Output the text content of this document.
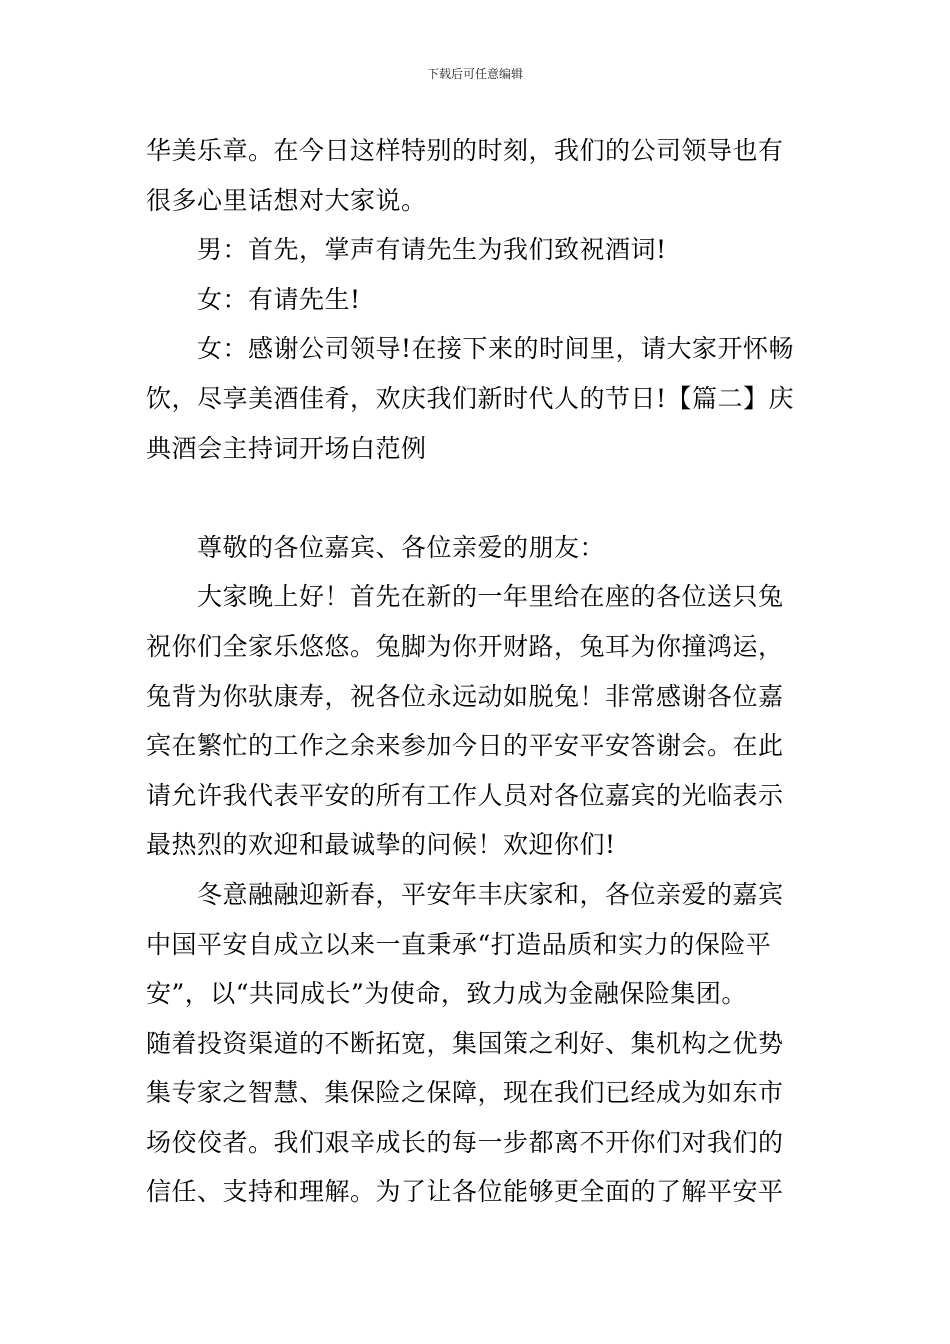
下载后可任意编辑

华美乐章。在今日这样特别的时刻，我们的公司领导也有
很多心里话想对大家说。

　　男：首先，掌声有请先生为我们致祝酒词!

　　女：有请先生!

　　女：感谢公司领导!在接下来的时间里，请大家开怀畅
饮，尽享美酒佳肴，欢庆我们新时代人的节日!【篇二】庆
典酒会主持词开场白范例

　　尊敬的各位嘉宾、各位亲爱的朋友：

　　大家晚上好！首先在新的一年里给在座的各位送只兔
祝你们全家乐悠悠。兔脚为你开财路，兔耳为你撞鸿运，
兔背为你驮康寿，祝各位永远动如脱兔！非常感谢各位嘉
宾在繁忙的工作之余来参加今日的平安平安答谢会。在此
请允许我代表平安的所有工作人员对各位嘉宾的光临表示
最热烈的欢迎和最诚挚的问候！欢迎你们!

　　冬意融融迎新春，平安年丰庆家和，各位亲爱的嘉宾
中国平安自成立以来一直秉承“打造品质和实力的保险平
安”，以“共同成长”为使命，致力成为金融保险集团。
随着投资渠道的不断拓宽，集国策之利好、集机构之优势
集专家之智慧、集保险之保障，现在我们已经成为如东市
场佼佼者。我们艰辛成长的每一步都离不开你们对我们的
信任、支持和理解。为了让各位能够更全面的了解平安平
